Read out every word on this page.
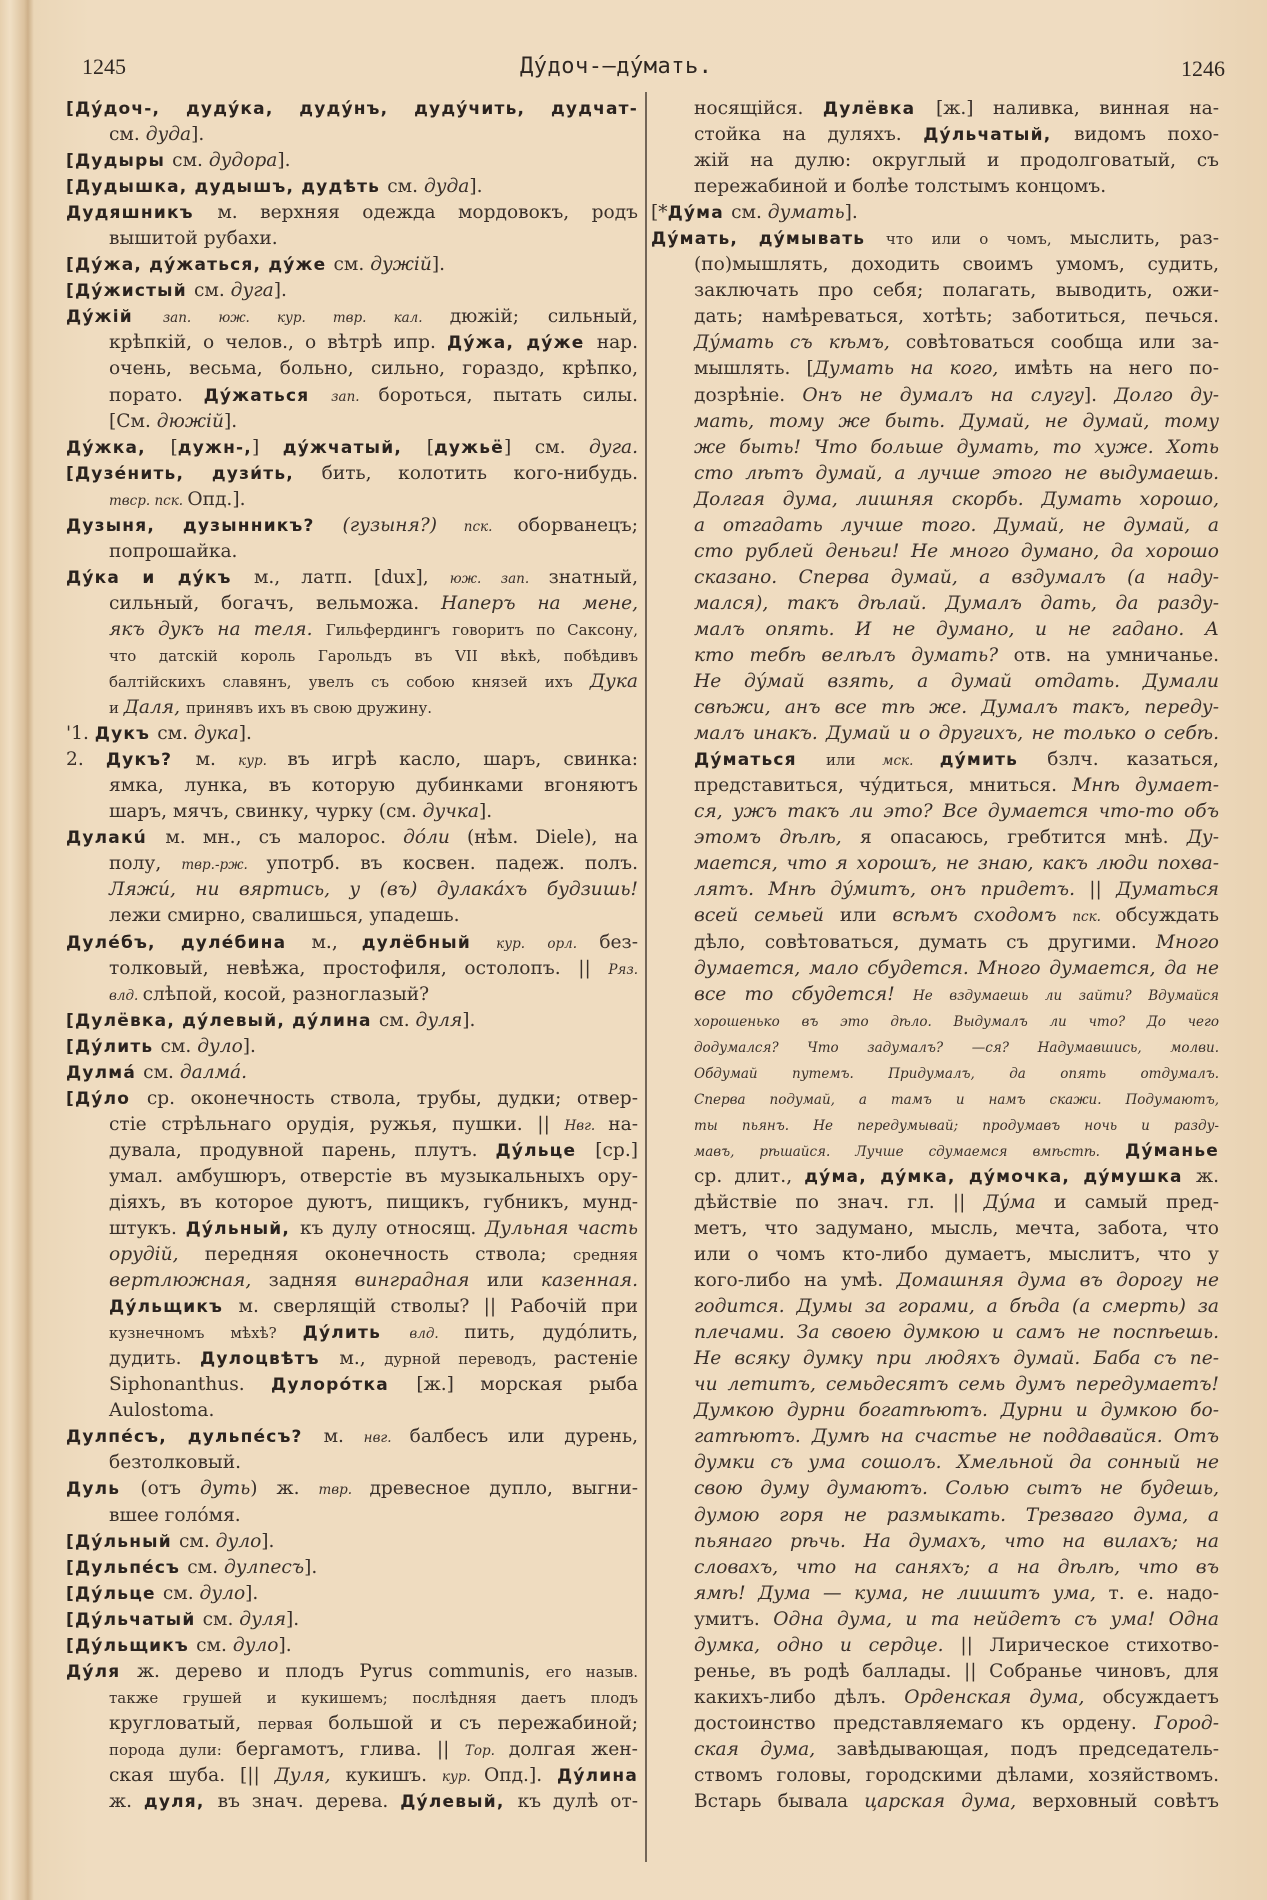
1245	Дýдоч-—дýмать.	1246
[Дýдоч-, дудýка, дудýнъ, дудýчить, дудчат-
см. дуда].
[Дудыры см. дудора].
[Дудышка, дудышъ, дудѣть см. дуда].
Дудяшникъ м. верхняя одежда мордовокъ, родъ
вышитой рубахи.
[Дýжа, дýжаться, дýже см. дужій].
[Дýжистый см. дуга].
Дýжій зап. юж. кур. твр. кал. дюжій; сильный,
крѣпкій, о челов., о вѣтрѣ ипр. Дýжа, дýже нар.
очень, весьма, больно, сильно, гораздо, крѣпко,
порато. Дýжаться зап. бороться, пытать силы.
[См. дюжій].
Дýжка, [дужн-,] дýжчатый, [дужьё] см. дуга.
[Дузéнить, дузи́ть, бить, колотить кого-нибудь.
твср. пск. Опд.].
Дузыня, дузынникъ? (гузыня?) пск. оборванецъ;
попрошайка.
Дýка и дýкъ м., латп. [dux], юж. зап. знатный,
сильный, богачъ, вельможа. Наперъ на мене,
якъ дукъ на теля. Гильфердингъ говоритъ по Саксону,
что датскій король Гарольдъ въ VII вѣкѣ, побѣдивъ
балтійскихъ славянъ, увелъ съ собою князей ихъ Дука
и Даля, принявъ ихъ въ свою дружину.
'1. Дукъ см. дука].
2. Дукъ? м. кур. въ игрѣ касло, шаръ, свинка:
ямка, лунка, въ которую дубинками вгоняютъ
шаръ, мячъ, свинку, чурку (см. дучка].
Дулакú м. мн., съ малорос. дóли (нѣм. Diele), на
полу, твр.-рж. употрб. въ косвен. падеж. полъ.
Ляжú, ни вяртись, у (въ) дулакáхъ будзишь!
лежи смирно, свалишься, упадешь.
Дулéбъ, дулéбина м., дулёбный кур. орл. без-
толковый, невѣжа, простофиля, остолопъ. || Ряз.
влд. слѣпой, косой, разноглазый?
[Дулёвка, дýлевый, дýлина см. дуля].
[Дýлить см. дуло].
Дулмá см. далмá.
[Дýло ср. оконечность ствола, трубы, дудки; отвер-
стіе стрѣльнаго орудія, ружья, пушки. || Нвг. на-
дувала, продувной парень, плутъ. Дýльце [ср.]
умал. амбушюръ, отверстіе въ музыкальныхъ ору-
діяхъ, въ которое дуютъ, пищикъ, губникъ, мунд-
штукъ. Дýльный, къ дулу относящ. Дульная часть
орудій, передняя оконечность ствола; средняя
вертлюжная, задняя винградная или казенная.
Дýльщикъ м. сверлящій стволы? || Рабочій при
кузнечномъ мѣхѣ? Дýлить влд. пить, дудóлить,
дудить. Дулоцвѣтъ м., дурной переводъ, растеніе
Siphonanthus. Дулорóтка [ж.] морская рыба
Aulostoma.
Дулпéсъ, дульпéсъ? м. нвг. балбесъ или дурень,
безтолковый.
Дуль (отъ дуть) ж. твр. древесное дупло, выгни-
вшее голóмя.
[Дýльный см. дуло].
[Дульпéсъ см. дулпесъ].
[Дýльце см. дуло].
[Дýльчатый см. дуля].
[Дýльщикъ см. дуло].
Дýля ж. дерево и плодъ Pyrus communis, его назыв.
также грушей и кукишемъ; послѣдняя даетъ плодъ
кругловатый, первая большой и съ пережабиной;
порода дули: бергамотъ, глива. || Тор. долгая жен-
ская шуба. [|| Дуля, кукишъ. кур. Опд.]. Дýлина
ж. дуля, въ знач. дерева. Дýлевый, къ дулѣ от-
носящійся. Дулёвка [ж.] наливка, винная на-
стойка на дуляхъ. Дýльчатый, видомъ похо-
жій на дулю: округлый и продолговатый, съ
пережабиной и болѣе толстымъ концомъ.
[*Дýма см. думать].
Дýмать, дýмывать что или о чомъ, мыслить, раз-
(по)мышлять, доходить своимъ умомъ, судить,
заключать про себя; полагать, выводить, ожи-
дать; намѣреваться, хотѣть; заботиться, печься.
Дýмать съ кѣмъ, совѣтоваться сообща или за-
мышлять. [Думать на кого, имѣть на него по-
дозрѣніе. Онъ не думалъ на слугу]. Долго ду-
мать, тому же быть. Думай, не думай, тому
же быть! Что больше думать, то хуже. Хоть
сто лѣтъ думай, а лучше этого не выдумаешь.
Долгая дума, лишняя скорбь. Думать хорошо,
а отгадать лучше того. Думай, не думай, а
сто рублей деньги! Не много думано, да хорошо
сказано. Сперва думай, а вздумалъ (а наду-
мался), такъ дѣлай. Думалъ дать, да разду-
малъ опять. И не думано, и не гадано. А
кто тебѣ велѣлъ думать? отв. на умничанье.
Не дýмай взять, а думай отдать. Думали
свѣжи, анъ все тѣ же. Думалъ такъ, переду-
малъ инакъ. Думай и о другихъ, не только о себѣ.
Дýматься или мск. дýмить бзлч. казаться,
представиться, чýдиться, мниться. Мнѣ думает-
ся, ужъ такъ ли это? Все думается что-то объ
этомъ дѣлѣ, я опасаюсь, гребтится мнѣ. Ду-
мается, что я хорошъ, не знаю, какъ люди похва-
лятъ. Мнѣ дýмитъ, онъ придетъ. || Думаться
всей семьей или всѣмъ сходомъ пск. обсуждать
дѣло, совѣтоваться, думать съ другими. Много
думается, мало сбудется. Много думается, да не
все то сбудется! Не вздумаешь ли зайти? Вдумайся
хорошенько въ это дѣло. Выдумалъ ли что? До чего
додумался? Что задумалъ? —ся? Надумавшись, молви.
Обдумай путемъ. Придумалъ, да опять отдумалъ.
Сперва подумай, а тамъ и намъ скажи. Подумаютъ,
ты пьянъ. Не передумывай; продумавъ ночь и разду-
мавъ, рѣшайся. Лучше сдумаемся вмѣстѣ. Дýманье
ср. длит., дýма, дýмка, дýмочка, дýмушка ж.
дѣйствіе по знач. гл. || Дýма и самый пред-
метъ, что задумано, мысль, мечта, забота, что
или о чомъ кто-либо думаетъ, мыслитъ, что у
кого-либо на умѣ. Домашняя дума въ дорогу не
годится. Думы за горами, а бѣда (а смерть) за
плечами. За своею думкою и самъ не поспѣешь.
Не всяку думку при людяхъ думай. Баба съ пе-
чи летитъ, семьдесятъ семь думъ передумаетъ!
Думкою дурни богатѣютъ. Дурни и думкою бо-
гатѣютъ. Думѣ на счастье не поддавайся. Отъ
думки съ ума сошолъ. Хмельной да сонный не
свою думу думаютъ. Солью сытъ не будешь,
думою горя не размыкать. Трезваго дума, а
пьянаго рѣчь. На думахъ, что на вилахъ; на
словахъ, что на саняхъ; а на дѣлѣ, что въ
ямѣ! Дума — кума, не лишитъ ума, т. е. надо-
умитъ. Одна дума, и та нейдетъ съ ума! Одна
думка, одно и сердце. || Лирическое стихотво-
ренье, въ родѣ баллады. || Собранье чиновъ, для
какихъ-либо дѣлъ. Орденская дума, обсуждаетъ
достоинство представляемаго къ ордену. Город-
ская дума, завѣдывающая, подъ председатель-
ствомъ головы, городскими дѣлами, хозяйствомъ.
Встарь бывала царская дума, верховный совѣтъ
